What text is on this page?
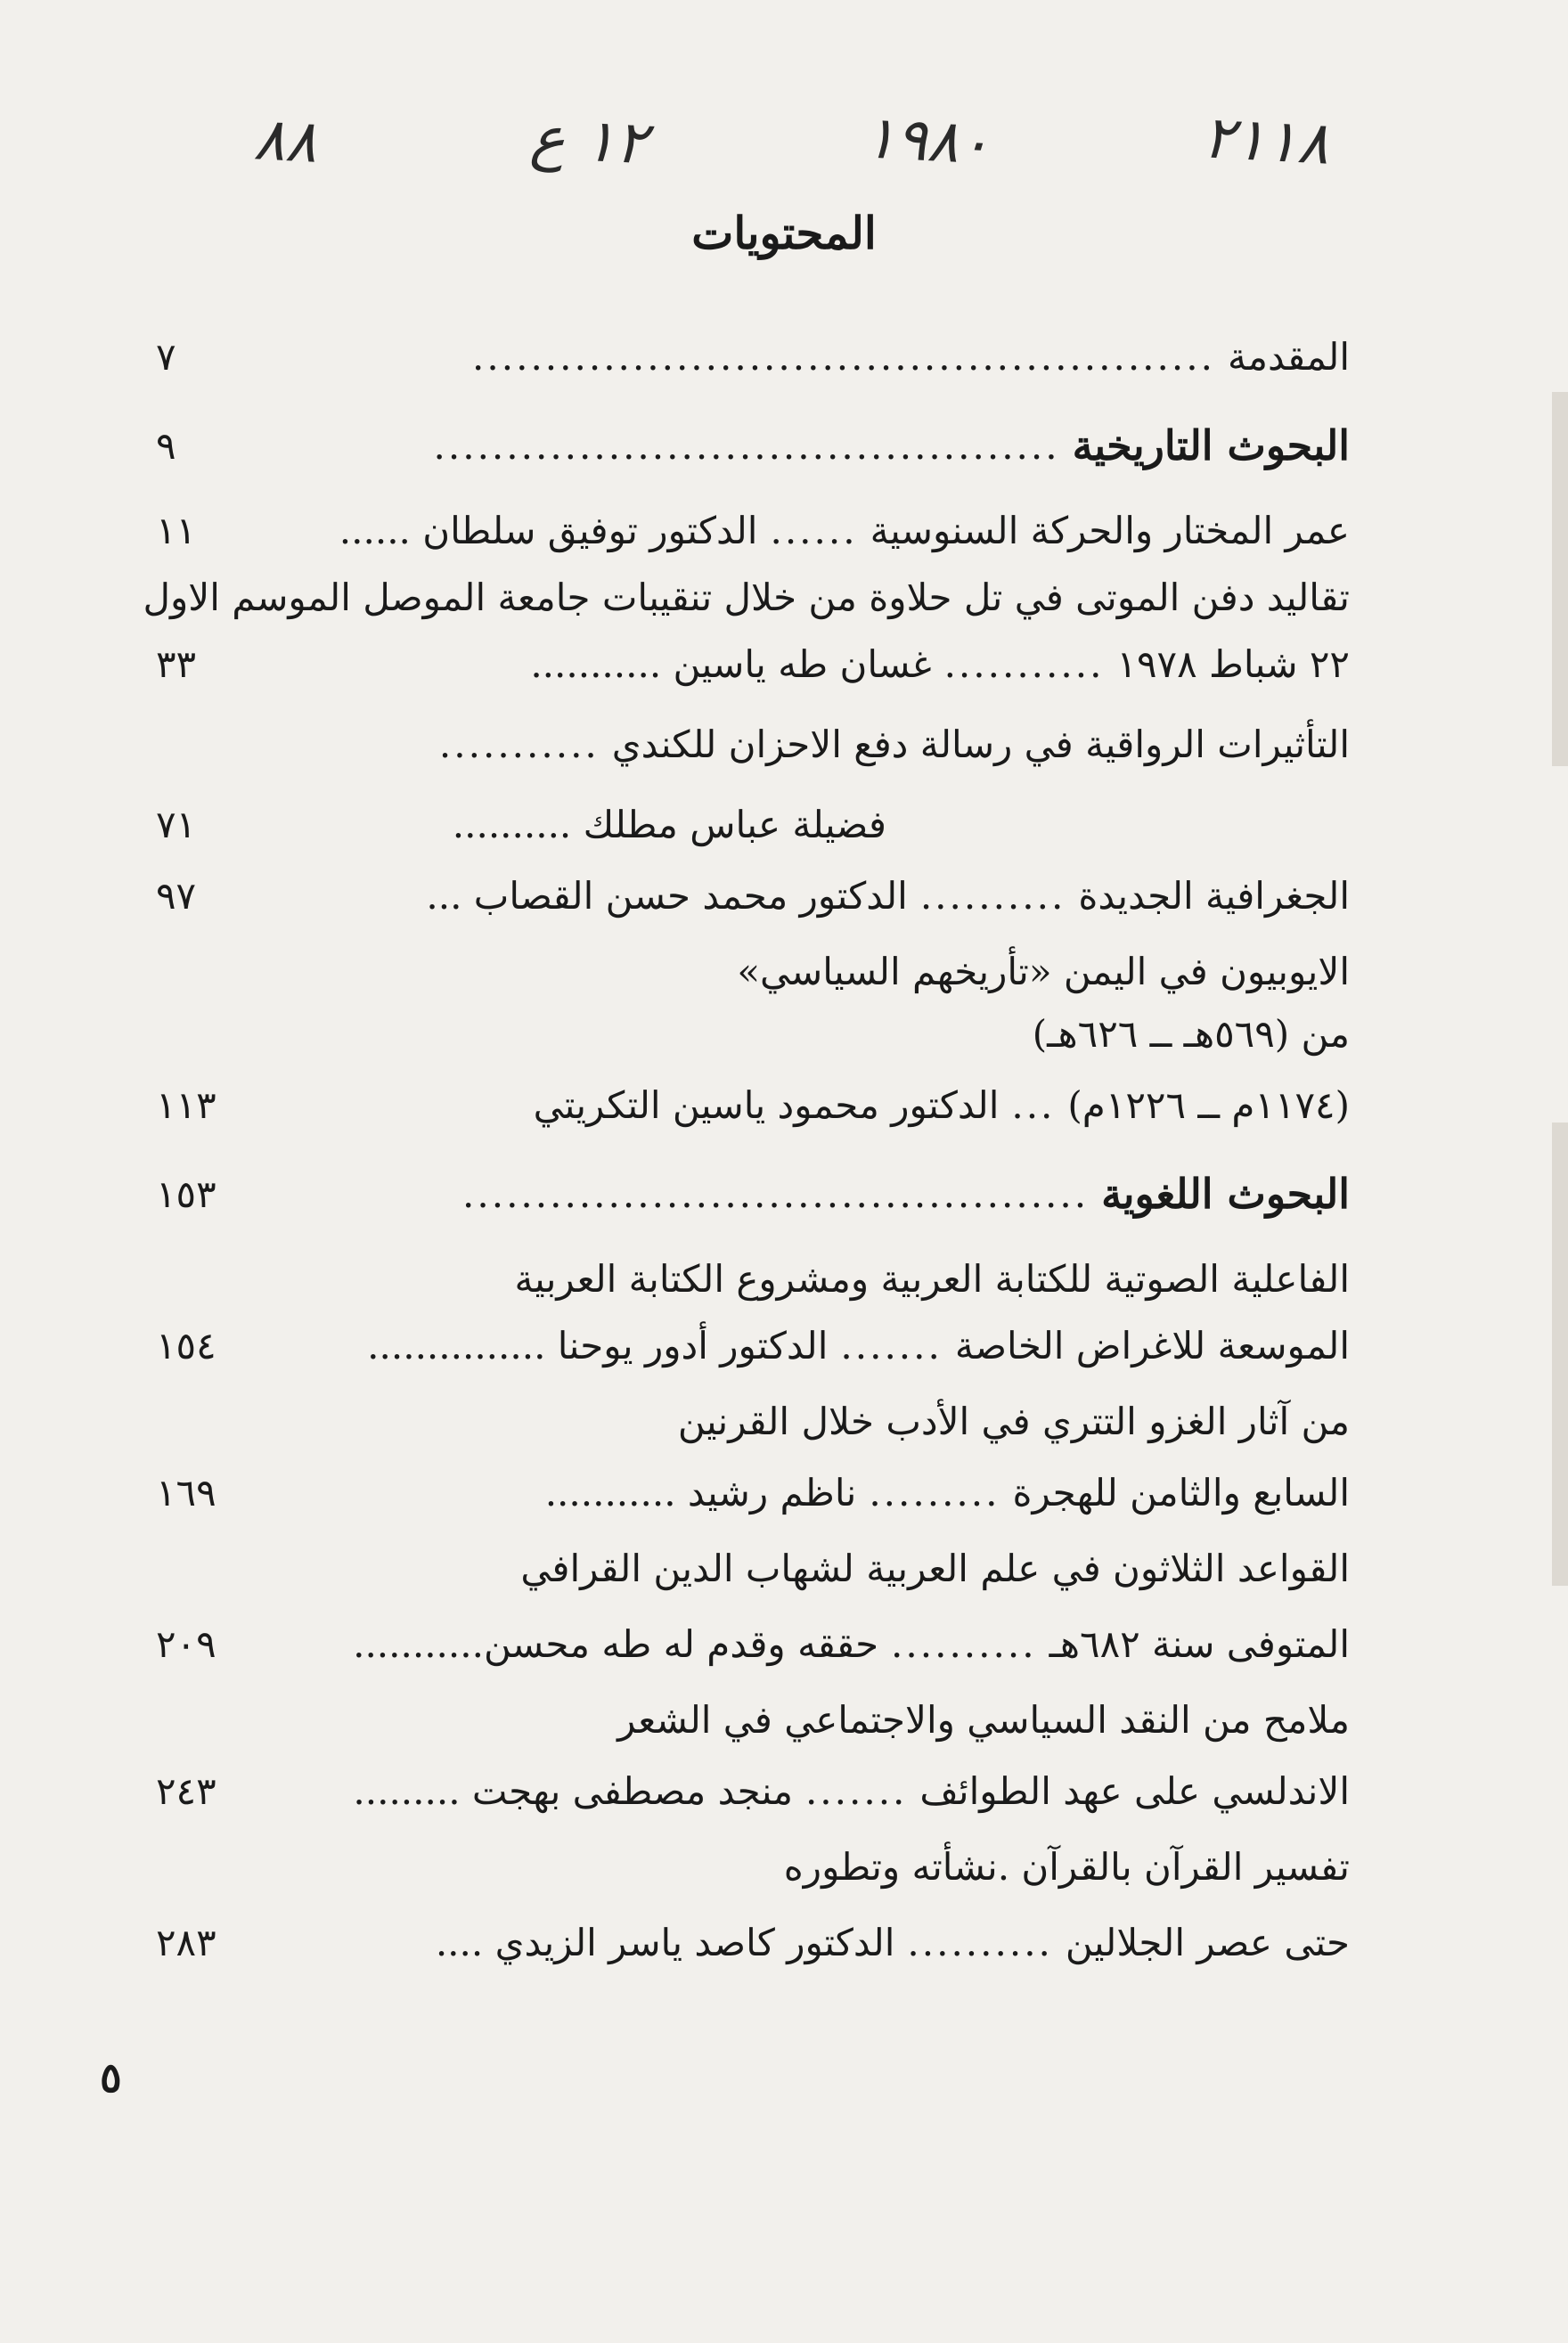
٢١١٨
١٩٨٠
١٢ ع
٨٨
المحتويات
المقدمة
...................................................
٧
البحوث التاريخية
...........................................
٩
عمر المختار والحركة السنوسية
......
الدكتور توفيق سلطان ......
١١
تقاليد دفن الموتى في تل حلاوة من خلال تنقيبات جامعة الموصل الموسم الاول
٢٢ شباط ١٩٧٨
...........
غسان طه ياسين ...........
٣٣
التأثيرات الرواقية في رسالة دفع الاحزان للكندي
...........
فضيلة عباس مطلك ..........
٧١
الجغرافية الجديدة
..........
الدكتور محمد حسن القصاب ...
٩٧
الايوبيون في اليمن «تأريخهم السياسي»
من (٥٦٩هـ ــ ٦٢٦هـ)
(١١٧٤م ــ ١٢٢٦م)
...
الدكتور محمود ياسين التكريتي
١١٣
البحوث اللغوية
...........................................
١٥٣
الفاعلية الصوتية للكتابة العربية ومشروع الكتابة العربية
الموسعة للاغراض الخاصة
.......
الدكتور أدور يوحنا ...............
١٥٤
من آثار الغزو التتري في الأدب خلال القرنين
السابع والثامن للهجرة
.........
ناظم رشيد ...........
١٦٩
القواعد الثلاثون في علم العربية لشهاب الدين القرافي
المتوفى سنة ٦٨٢هـ
..........
حققه وقدم له طه محسن...........
٢٠٩
ملامح من النقد السياسي والاجتماعي في الشعر
الاندلسي على عهد الطوائف
.......
منجد مصطفى بهجت .........
٢٤٣
تفسير القرآن بالقرآن .نشأته وتطوره
حتى عصر الجلالين
..........
الدكتور كاصد ياسر الزيدي ....
٢٨٣
٥
